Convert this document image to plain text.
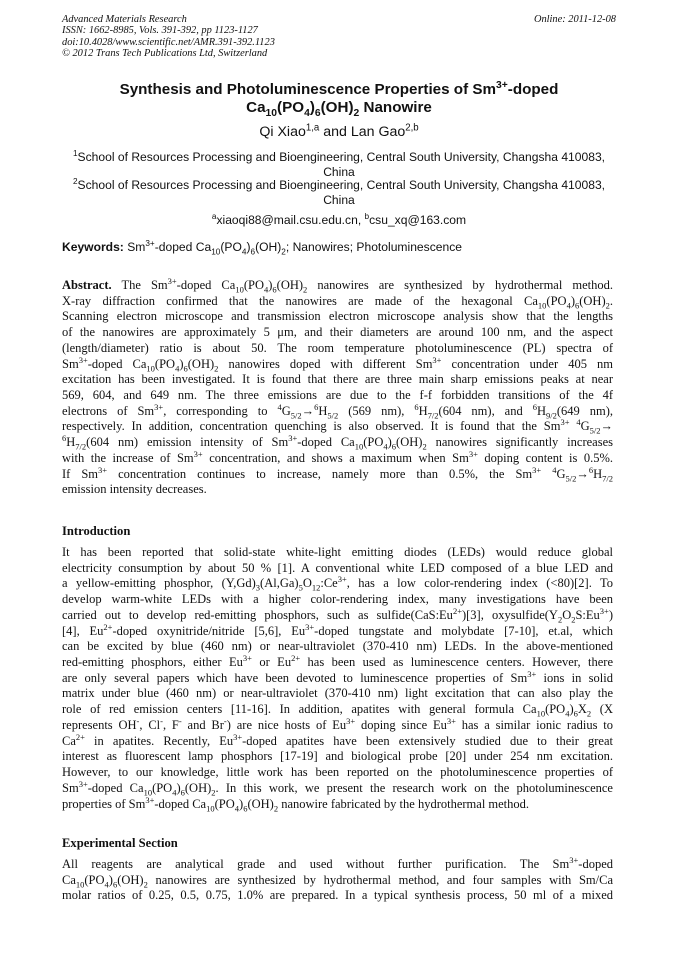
Advanced Materials Research
ISSN: 1662-8985, Vols. 391-392, pp 1123-1127
doi:10.4028/www.scientific.net/AMR.391-392.1123
© 2012 Trans Tech Publications Ltd, Switzerland
Online: 2011-12-08
Synthesis and Photoluminescence Properties of $Sm^{3+}$-doped
$Ca_{10}(PO_4)_6(OH)_2$ Nanowire
Qi Xiao$^{1,a}$ and Lan Gao$^{2,b}$
$^1$School of Resources Processing and Bioengineering, Central South University, Changsha 410083,
China
$^2$School of Resources Processing and Bioengineering, Central South University, Changsha 410083,
China
$^a$xiaoqi88@mail.csu.edu.cn, $^b$csu_xq@163.com
Keywords: $Sm^{3+}$-doped $Ca_{10}(PO_4)_6(OH)_2$; Nanowires; Photoluminescence
Abstract. The $Sm^{3+}$-doped $Ca_{10}(PO_4)_6(OH)_2$ nanowires are synthesized by hydrothermal method.
X-ray diffraction confirmed that the nanowires are made of the hexagonal $Ca_{10}(PO_4)_6(OH)_2$.
Scanning electron microscope and transmission electron microscope analysis show that the lengths
of the nanowires are approximately 5 μm, and their diameters are around 100 nm, and the aspect
(length/diameter) ratio is about 50. The room temperature photoluminescence (PL) spectra of
$Sm^{3+}$-doped $Ca_{10}(PO_4)_6(OH)_2$ nanowires doped with different $Sm^{3+}$ concentration under 405 nm
excitation has been investigated. It is found that there are three main sharp emissions peaks at near
569, 604, and 649 nm. The three emissions are due to the f-f forbidden transitions of the 4f
electrons of $Sm^{3+}$, corresponding to $^4G_{5/2}\to^6H_{5/2}$ (569 nm), $^6H_{7/2}(604$ nm), and $^6H_{9/2}(649$ nm),
respectively. In addition, concentration quenching is also observed. It is found that the $Sm^{3+}$ $^4G_{5/2}\to$
$^6H_{7/2}(604$ nm) emission intensity of $Sm^{3+}$-doped $Ca_{10}(PO_4)_6(OH)_2$ nanowires significantly increases
with the increase of $Sm^{3+}$ concentration, and shows a maximum when $Sm^{3+}$ doping content is 0.5%.
If $Sm^{3+}$ concentration continues to increase, namely more than 0.5%, the $Sm^{3+}$ $^4G_{5/2}\to^6H_{7/2}$
emission intensity decreases.
Introduction
It has been reported that solid-state white-light emitting diodes (LEDs) would reduce global
electricity consumption by about 50 % [1]. A conventional white LED composed of a blue LED and
a yellow-emitting phosphor, $(Y,Gd)_3(Al,Ga)_5O_{12}:Ce^{3+}$, has a low color-rendering index (<80)[2]. To
develop warm-white LEDs with a higher color-rendering index, many investigations have been
carried out to develop red-emitting phosphors, such as $sulfide(CaS:Eu^{2+})[3]$, $oxysulfide(Y_2O_2S:Eu^{3+})$
[4], $Eu^{2+}$-doped oxynitride/nitride [5,6], $Eu^{3+}$-doped tungstate and molybdate [7-10], et.al, which
can be excited by blue (460 nm) or near-ultraviolet (370-410 nm) LEDs. In the above-mentioned
red-emitting phosphors, either $Eu^{3+}$ or $Eu^{2+}$ has been used as luminescence centers. However, there
are only several papers which have been devoted to luminescence properties of $Sm^{3+}$ ions in solid
matrix under blue (460 nm) or near-ultraviolet (370-410 nm) light excitation that can also play the
role of red emission centers [11-16]. In addition, apatites with general formula $Ca_{10}(PO_4)_6X_2$ (X
represents OH-, Cl-, F- and Br-) are nice hosts of $Eu^{3+}$ doping since $Eu^{3+}$ has a similar ionic radius to
$Ca^{2+}$ in apatites. Recently, $Eu^{3+}$-doped apatites have been extensively studied due to their great
interest as fluorescent lamp phosphors [17-19] and biological probe [20] under 254 nm excitation.
However, to our knowledge, little work has been reported on the photoluminescence properties of
$Sm^{3+}$-doped $Ca_{10}(PO_4)_6(OH)_2$. In this work, we present the research work on the photoluminescence
properties of $Sm^{3+}$-doped $Ca_{10}(PO_4)_6(OH)_2$ nanowire fabricated by the hydrothermal method.
Experimental Section
All reagents are analytical grade and used without further purification. The $Sm^{3+}$-doped
$Ca_{10}(PO_4)_6(OH)_2$ nanowires are synthesized by hydrothermal method, and four samples with Sm/Ca
molar ratios of 0.25, 0.5, 0.75, 1.0% are prepared. In a typical synthesis process, 50 ml of a mixed
